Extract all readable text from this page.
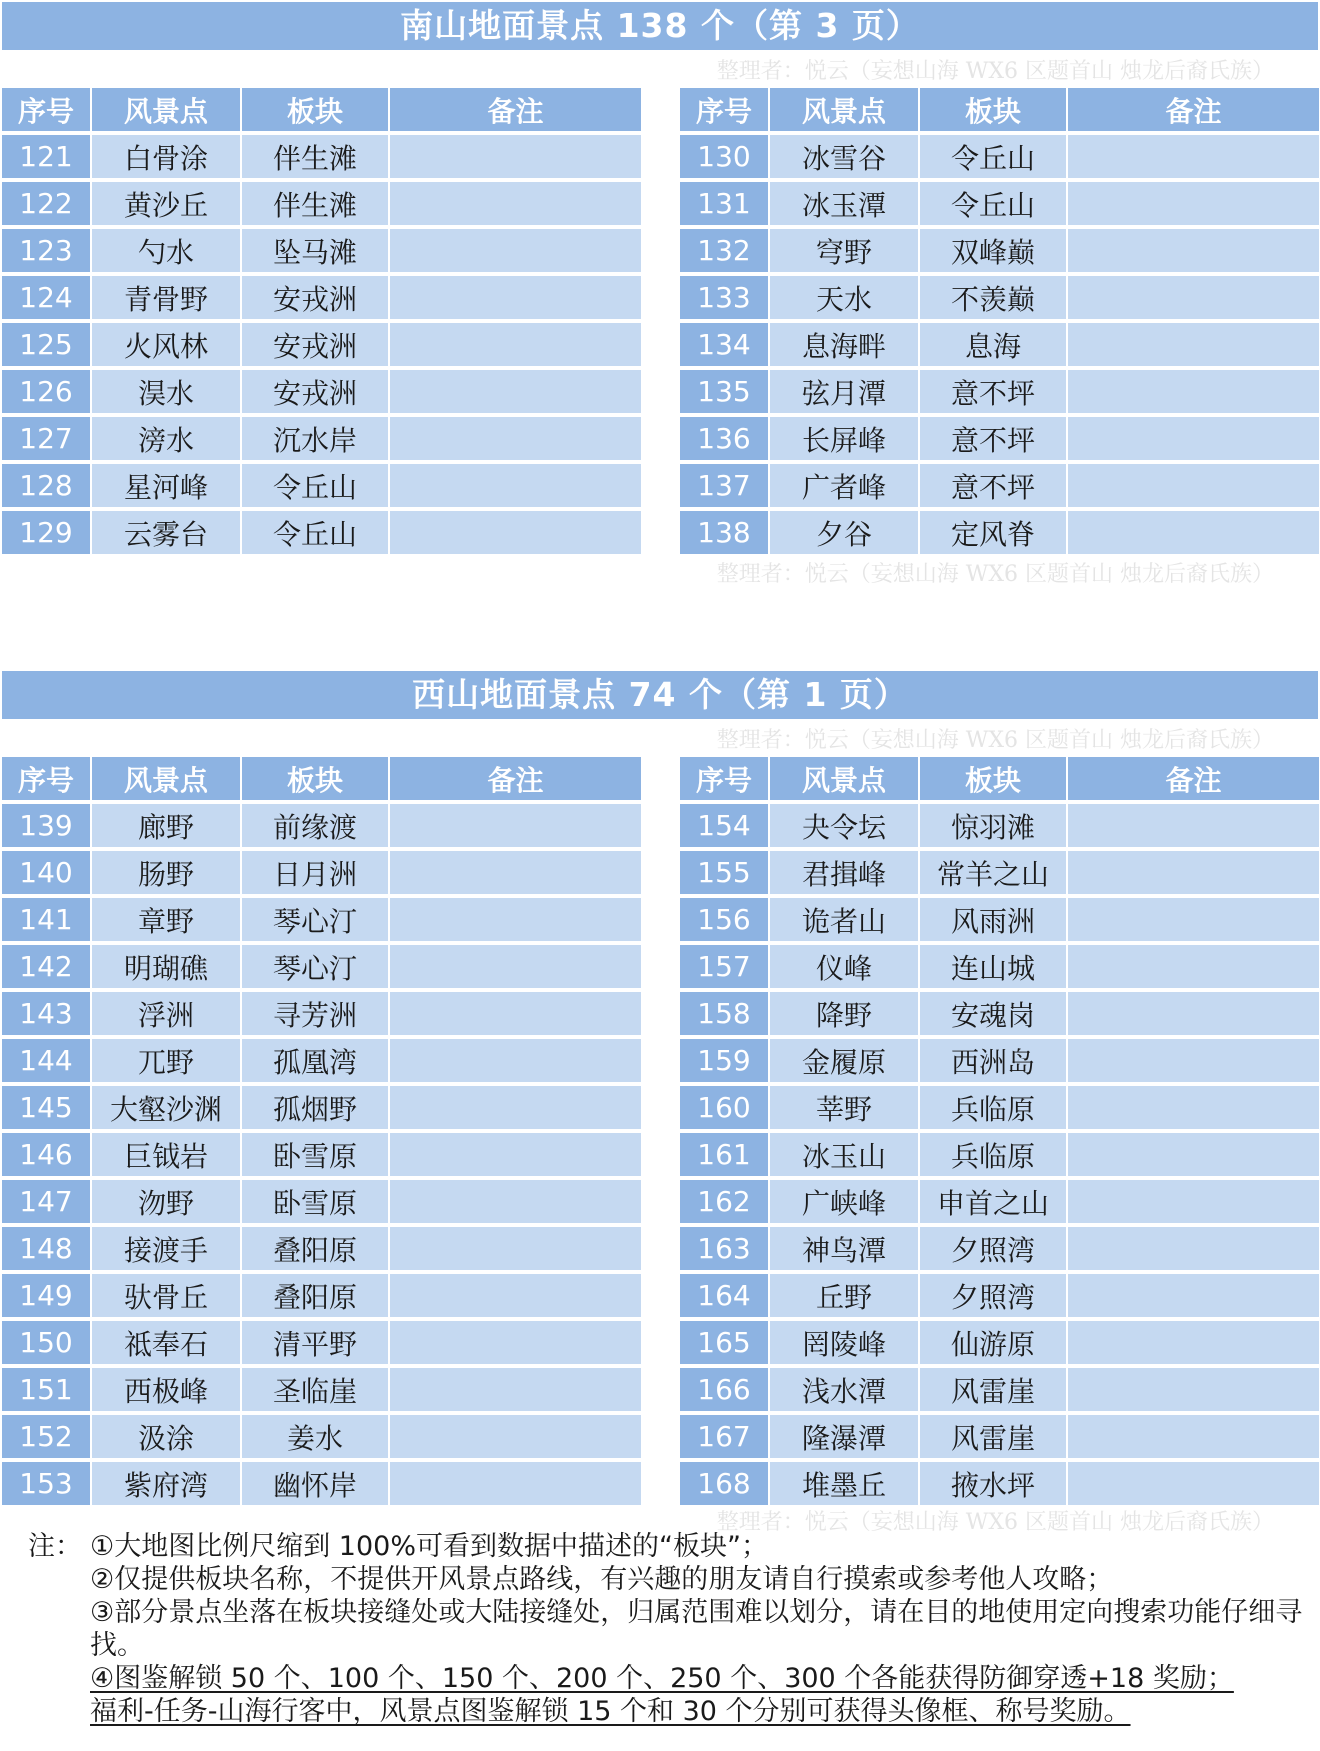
南山地面景点 138 个（第 3 页）
整理者：悦云（妄想山海 WX6 区题首山 烛龙后裔氏族）
序号	风景点	板块	备注
121	白骨涂	伴生滩	
122	黄沙丘	伴生滩	
123	勺水	坠马滩	
124	青骨野	安戎洲	
125	火风林	安戎洲	
126	淏水	安戎洲	
127	滂水	沉水岸	
128	星河峰	令丘山	
129	云雾台	令丘山	
序号	风景点	板块	备注
130	冰雪谷	令丘山	
131	冰玉潭	令丘山	
132	穹野	双峰巅	
133	天水	不羡巅	
134	息海畔	息海	
135	弦月潭	意不坪	
136	长屏峰	意不坪	
137	广者峰	意不坪	
138	夕谷	定风脊	
整理者：悦云（妄想山海 WX6 区题首山 烛龙后裔氏族）
西山地面景点 74 个（第 1 页）
整理者：悦云（妄想山海 WX6 区题首山 烛龙后裔氏族）
序号	风景点	板块	备注
139	廊野	前缘渡	
140	肠野	日月洲	
141	章野	琴心汀	
142	明瑚礁	琴心汀	
143	浮洲	寻芳洲	
144	兀野	孤凰湾	
145	大壑沙渊	孤烟野	
146	巨钺岩	卧雪原	
147	沕野	卧雪原	
148	接渡手	叠阳原	
149	驮骨丘	叠阳原	
150	祗奉石	清平野	
151	西极峰	圣临崖	
152	汲涂	姜水	
153	紫府湾	幽怀岸	
序号	风景点	板块	备注
154	夬令坛	惊羽滩	
155	君揖峰	常羊之山	
156	诡者山	风雨洲	
157	仪峰	连山城	
158	降野	安魂岗	
159	金履原	西洲岛	
160	莘野	兵临原	
161	冰玉山	兵临原	
162	广峡峰	申首之山	
163	神鸟潭	夕照湾	
164	丘野	夕照湾	
165	罔陵峰	仙游原	
166	浅水潭	风雷崖	
167	隆瀑潭	风雷崖	
168	堆墨丘	掖水坪	
整理者：悦云（妄想山海 WX6 区题首山 烛龙后裔氏族）
注： ①大地图比例尺缩到 100%可看到数据中描述的“板块”；
②仅提供板块名称，不提供开风景点路线，有兴趣的朋友请自行摸索或参考他人攻略；
③部分景点坐落在板块接缝处或大陆接缝处，归属范围难以划分，请在目的地使用定向搜索功能仔细寻找。
④图鉴解锁 50 个、100 个、150 个、200 个、250 个、300 个各能获得防御穿透+18 奖励；
福利-任务-山海行客中，风景点图鉴解锁 15 个和 30 个分别可获得头像框、称号奖励。
